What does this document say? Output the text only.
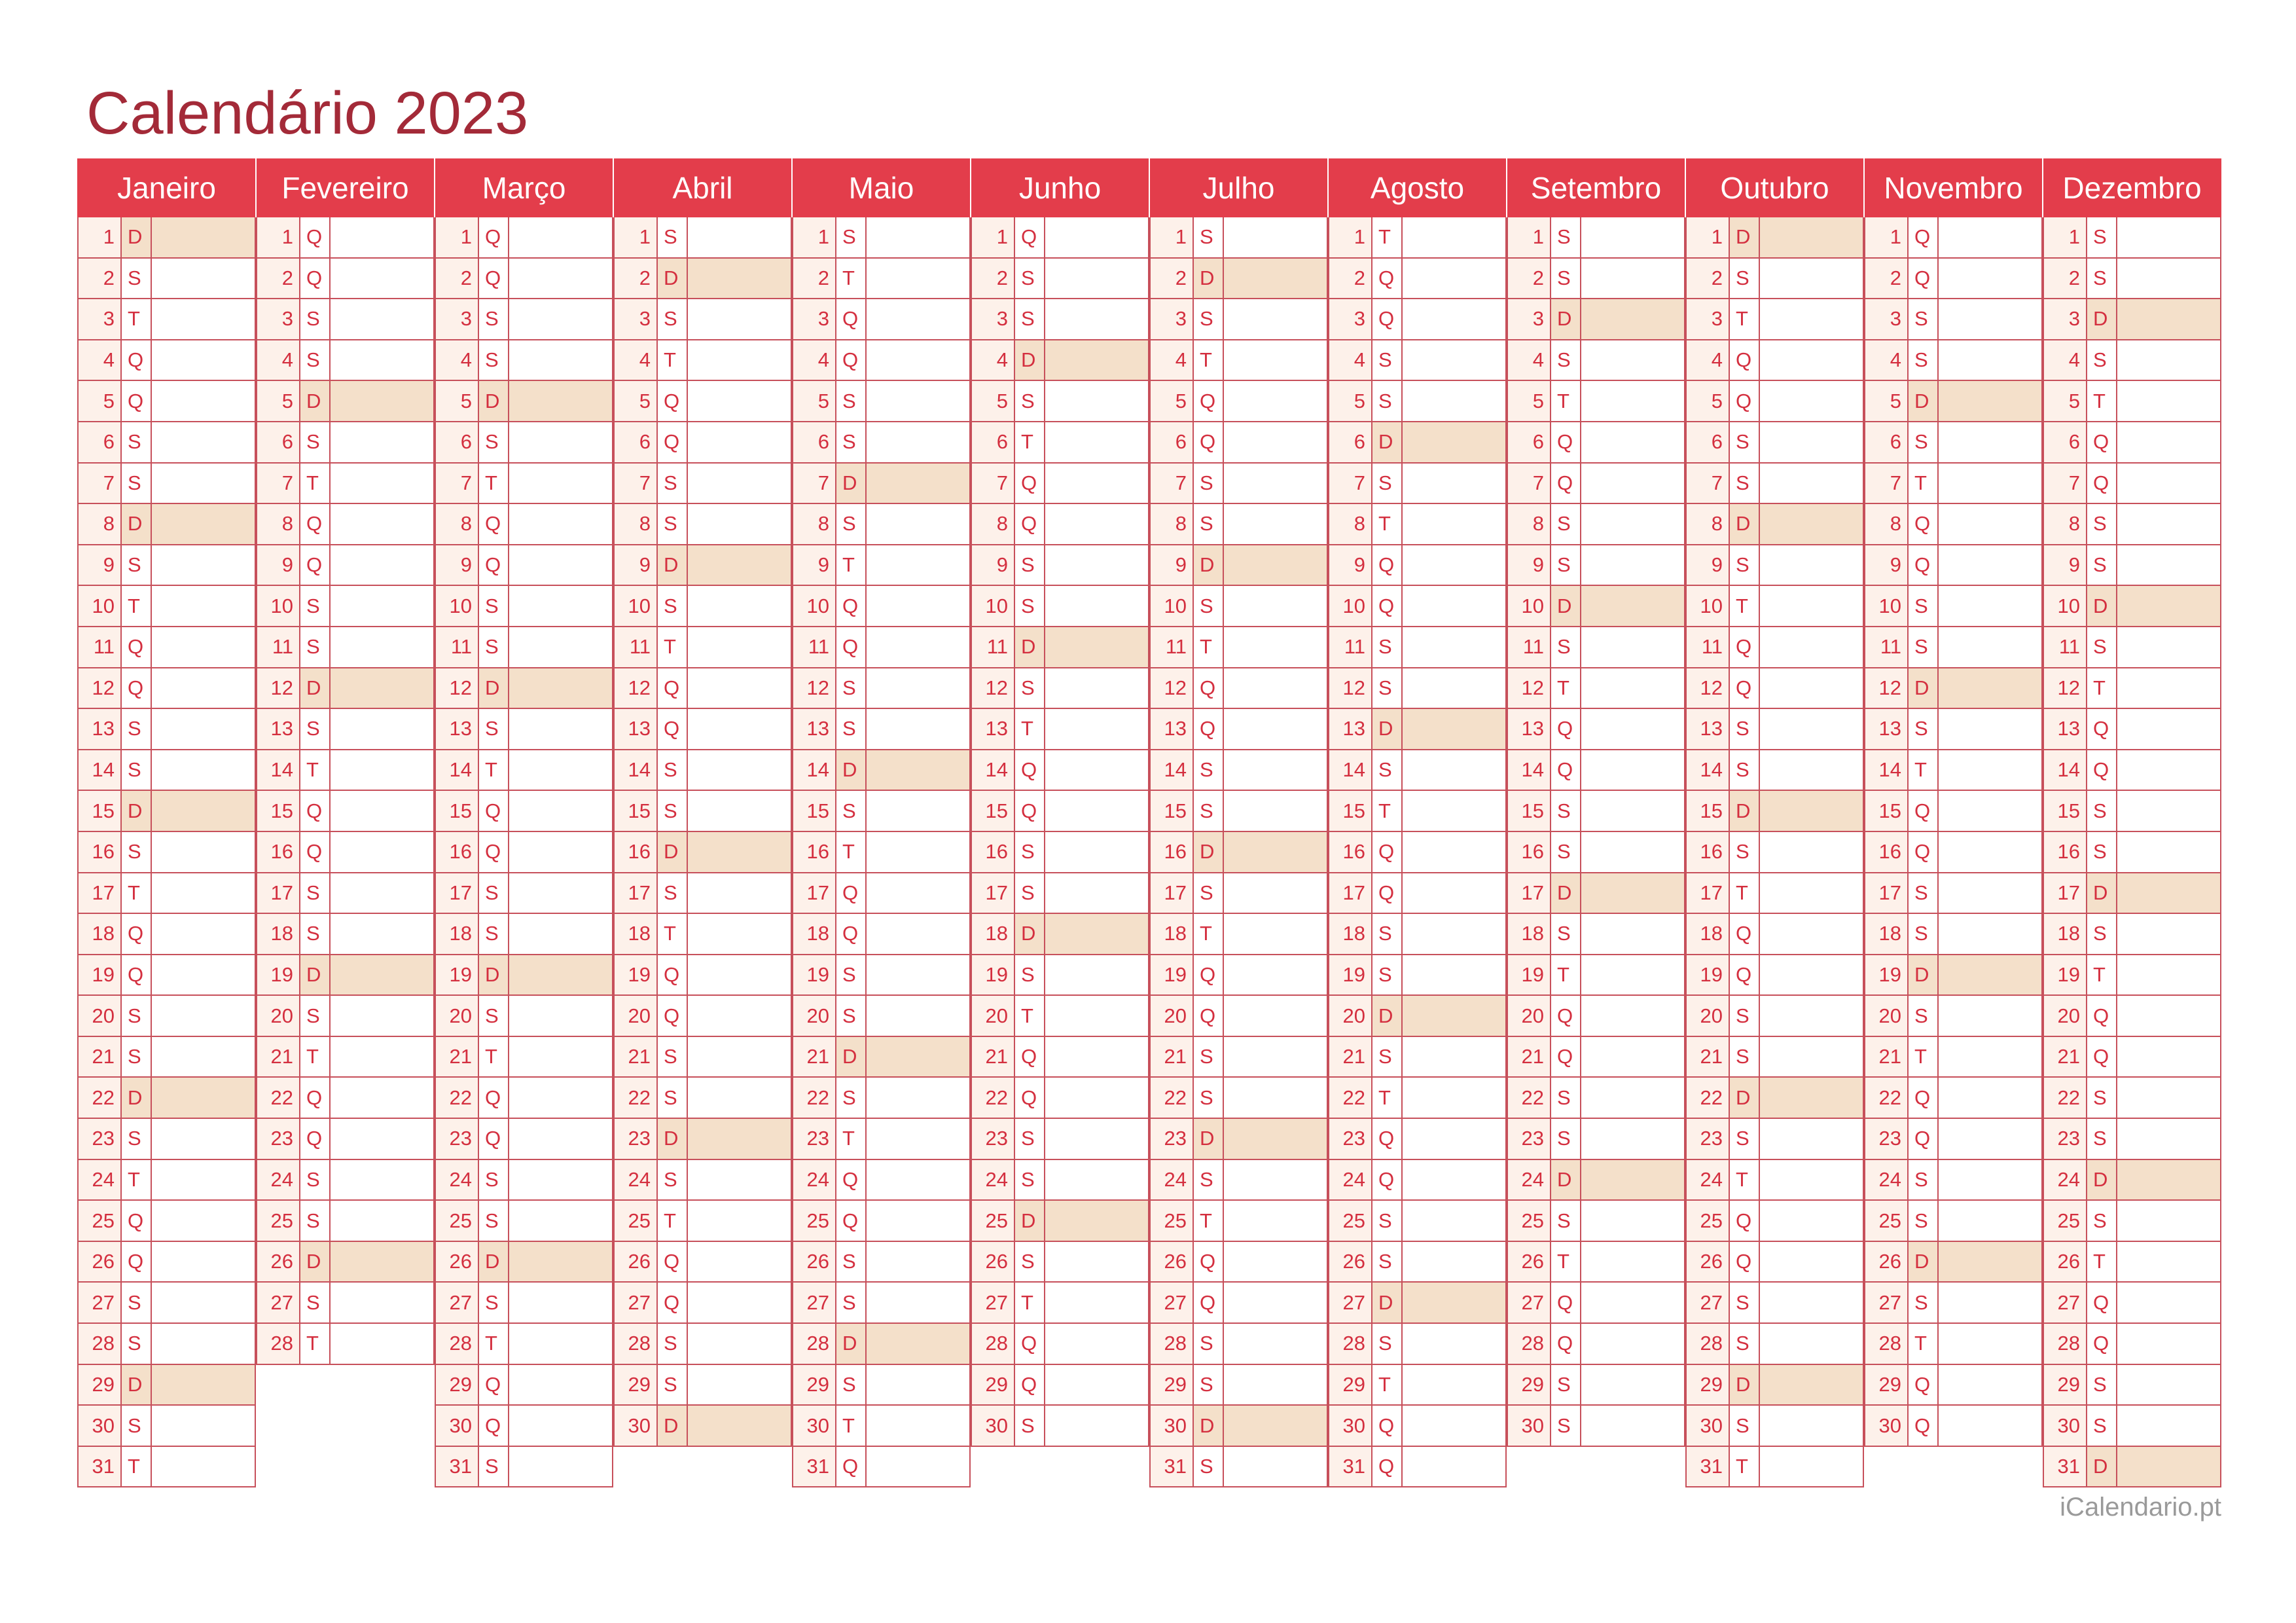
Calendário 2023
Janeiro
1 D
2 S
3 T
4 Q
5 Q
6 S
7 S
8 D
9 S
10 T
11 Q
12 Q
13 S
14 S
15 D
16 S
17 T
18 Q
19 Q
20 S
21 S
22 D
23 S
24 T
25 Q
26 Q
27 S
28 S
29 D
30 S
31 T
Fevereiro
1 Q
2 Q
3 S
4 S
5 D
6 S
7 T
8 Q
9 Q
10 S
11 S
12 D
13 S
14 T
15 Q
16 Q
17 S
18 S
19 D
20 S
21 T
22 Q
23 Q
24 S
25 S
26 D
27 S
28 T
Março
1 Q
2 Q
3 S
4 S
5 D
6 S
7 T
8 Q
9 Q
10 S
11 S
12 D
13 S
14 T
15 Q
16 Q
17 S
18 S
19 D
20 S
21 T
22 Q
23 Q
24 S
25 S
26 D
27 S
28 T
29 Q
30 Q
31 S
Abril
1 S
2 D
3 S
4 T
5 Q
6 Q
7 S
8 S
9 D
10 S
11 T
12 Q
13 Q
14 S
15 S
16 D
17 S
18 T
19 Q
20 Q
21 S
22 S
23 D
24 S
25 T
26 Q
27 Q
28 S
29 S
30 D
Maio
1 S
2 T
3 Q
4 Q
5 S
6 S
7 D
8 S
9 T
10 Q
11 Q
12 S
13 S
14 D
15 S
16 T
17 Q
18 Q
19 S
20 S
21 D
22 S
23 T
24 Q
25 Q
26 S
27 S
28 D
29 S
30 T
31 Q
Junho
1 Q
2 S
3 S
4 D
5 S
6 T
7 Q
8 Q
9 S
10 S
11 D
12 S
13 T
14 Q
15 Q
16 S
17 S
18 D
19 S
20 T
21 Q
22 Q
23 S
24 S
25 D
26 S
27 T
28 Q
29 Q
30 S
Julho
1 S
2 D
3 S
4 T
5 Q
6 Q
7 S
8 S
9 D
10 S
11 T
12 Q
13 Q
14 S
15 S
16 D
17 S
18 T
19 Q
20 Q
21 S
22 S
23 D
24 S
25 T
26 Q
27 Q
28 S
29 S
30 D
31 S
Agosto
1 T
2 Q
3 Q
4 S
5 S
6 D
7 S
8 T
9 Q
10 Q
11 S
12 S
13 D
14 S
15 T
16 Q
17 Q
18 S
19 S
20 D
21 S
22 T
23 Q
24 Q
25 S
26 S
27 D
28 S
29 T
30 Q
31 Q
Setembro
1 S
2 S
3 D
4 S
5 T
6 Q
7 Q
8 S
9 S
10 D
11 S
12 T
13 Q
14 Q
15 S
16 S
17 D
18 S
19 T
20 Q
21 Q
22 S
23 S
24 D
25 S
26 T
27 Q
28 Q
29 S
30 S
Outubro
1 D
2 S
3 T
4 Q
5 Q
6 S
7 S
8 D
9 S
10 T
11 Q
12 Q
13 S
14 S
15 D
16 S
17 T
18 Q
19 Q
20 S
21 S
22 D
23 S
24 T
25 Q
26 Q
27 S
28 S
29 D
30 S
31 T
Novembro
1 Q
2 Q
3 S
4 S
5 D
6 S
7 T
8 Q
9 Q
10 S
11 S
12 D
13 S
14 T
15 Q
16 Q
17 S
18 S
19 D
20 S
21 T
22 Q
23 Q
24 S
25 S
26 D
27 S
28 T
29 Q
30 Q
Dezembro
1 S
2 S
3 D
4 S
5 T
6 Q
7 Q
8 S
9 S
10 D
11 S
12 T
13 Q
14 Q
15 S
16 S
17 D
18 S
19 T
20 Q
21 Q
22 S
23 S
24 D
25 S
26 T
27 Q
28 Q
29 S
30 S
31 D
iCalendario.pt
